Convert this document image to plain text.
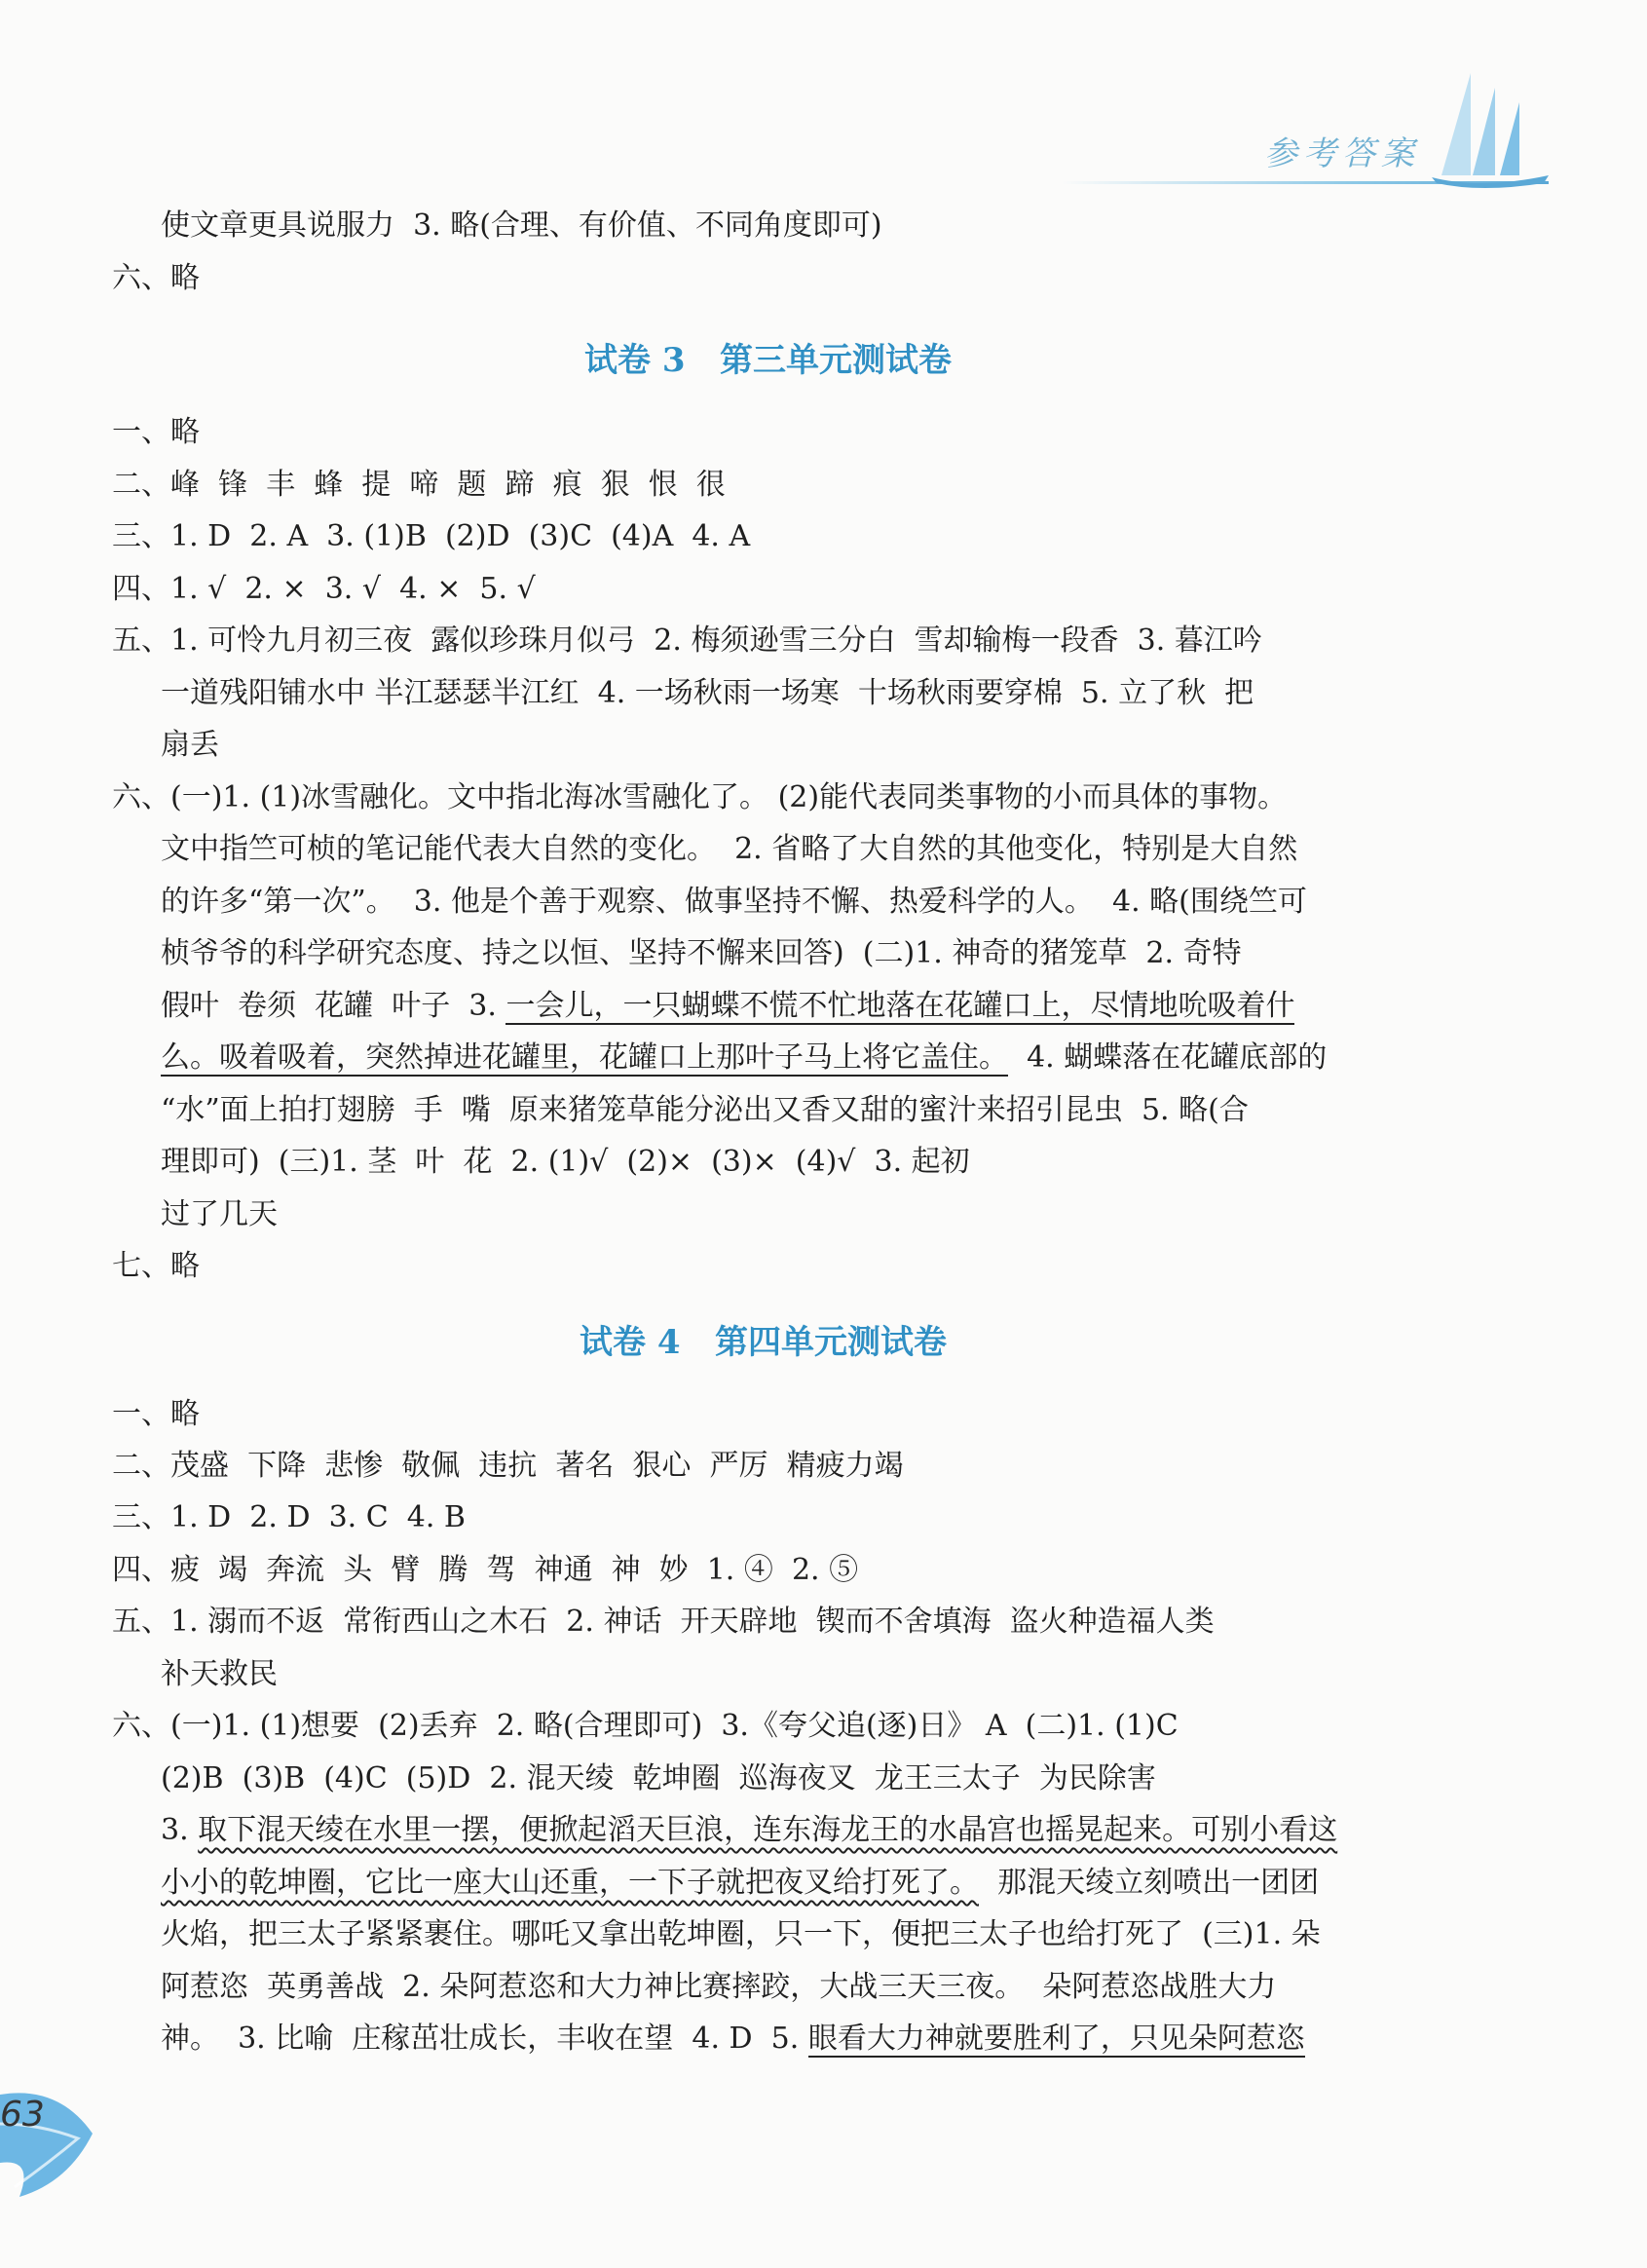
参考答案
使文章更具说服力  3. 略(合理、有价值、不同角度即可)
六、略
试卷 3   第三单元测试卷
一、略
二、峰  锋  丰  蜂  提  啼  题  蹄  痕  狠  恨  很
三、1. D  2. A  3. (1)B  (2)D  (3)C  (4)A  4. A
四、1. √  2. ×  3. √  4. ×  5. √
五、1. 可怜九月初三夜  露似珍珠月似弓  2. 梅须逊雪三分白  雪却输梅一段香  3. 暮江吟
一道残阳铺水中 半江瑟瑟半江红  4. 一场秋雨一场寒  十场秋雨要穿棉  5. 立了秋  把
扇丢
六、(一)1. (1)冰雪融化。文中指北海冰雪融化了。 (2)能代表同类事物的小而具体的事物。
文中指竺可桢的笔记能代表大自然的变化。  2. 省略了大自然的其他变化，特别是大自然
的许多“第一次”。  3. 他是个善于观察、做事坚持不懈、热爱科学的人。  4. 略(围绕竺可
桢爷爷的科学研究态度、持之以恒、坚持不懈来回答)  (二)1. 神奇的猪笼草  2. 奇特
假叶  卷须  花罐  叶子  3. 一会儿，一只蝴蝶不慌不忙地落在花罐口上，尽情地吮吸着什
么。吸着吸着，突然掉进花罐里，花罐口上那叶子马上将它盖住。  4. 蝴蝶落在花罐底部的
“水”面上拍打翅膀  手  嘴  原来猪笼草能分泌出又香又甜的蜜汁来招引昆虫  5. 略(合
理即可)  (三)1. 茎  叶  花  2. (1)√  (2)×  (3)×  (4)√  3. 起初
过了几天
七、略
试卷 4   第四单元测试卷
一、略
二、茂盛  下降  悲惨  敬佩  违抗  著名  狠心  严厉  精疲力竭
三、1. D  2. D  3. C  4. B
四、疲  竭  奔流  头  臂  腾  驾  神通  神  妙  1. ④  2. ⑤
五、1. 溺而不返  常衔西山之木石  2. 神话  开天辟地  锲而不舍填海  盗火种造福人类
补天救民
六、(一)1. (1)想要  (2)丢弃  2. 略(合理即可)  3.《夸父追(逐)日》 A  (二)1. (1)C
(2)B  (3)B  (4)C  (5)D  2. 混天绫  乾坤圈  巡海夜叉  龙王三太子  为民除害
3. 取下混天绫在水里一摆，便掀起滔天巨浪，连东海龙王的水晶宫也摇晃起来。可别小看这
小小的乾坤圈，它比一座大山还重，一下子就把夜叉给打死了。  那混天绫立刻喷出一团团
火焰，把三太子紧紧裹住。哪吒又拿出乾坤圈，只一下，便把三太子也给打死了  (三)1. 朵
阿惹恣  英勇善战  2. 朵阿惹恣和大力神比赛摔跤，大战三天三夜。  朵阿惹恣战胜大力
神。  3. 比喻  庄稼茁壮成长，丰收在望  4. D  5. 眼看大力神就要胜利了，只见朵阿惹恣
63
